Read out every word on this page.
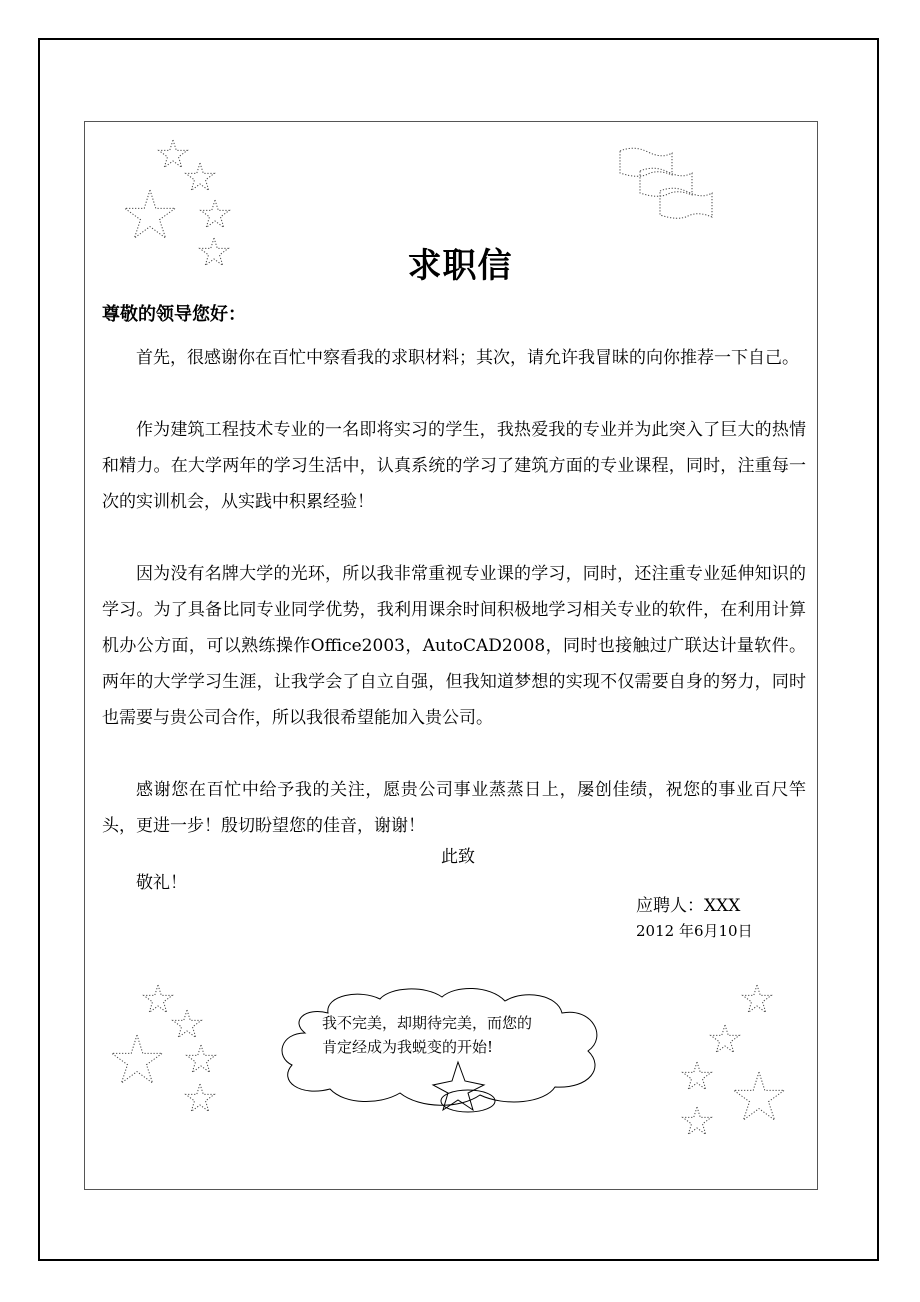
求职信
尊敬的领导您好：

首先，很感谢你在百忙中察看我的求职材料；其次，请允许我冒昧的向你推荐一下自己。

作为建筑工程技术专业的一名即将实习的学生，我热爱我的专业并为此突入了巨大的热情和精力。在大学两年的学习生活中，认真系统的学习了建筑方面的专业课程，同时，注重每一次的实训机会，从实践中积累经验！

因为没有名牌大学的光环，所以我非常重视专业课的学习，同时，还注重专业延伸知识的学习。为了具备比同专业同学优势，我利用课余时间积极地学习相关专业的软件，在利用计算机办公方面，可以熟练操作Office2003，AutoCAD2008，同时也接触过广联达计量软件。两年的大学学习生涯，让我学会了自立自强，但我知道梦想的实现不仅需要自身的努力，同时也需要与贵公司合作，所以我很希望能加入贵公司。

感谢您在百忙中给予我的关注，愿贵公司事业蒸蒸日上，屡创佳绩，祝您的事业百尺竿头，更进一步！殷切盼望您的佳音，谢谢！

此致
敬礼！
应聘人：XXX
2012 年6月10日
我不完美，却期待完美，而您的肯定经成为我蜕变的开始!
